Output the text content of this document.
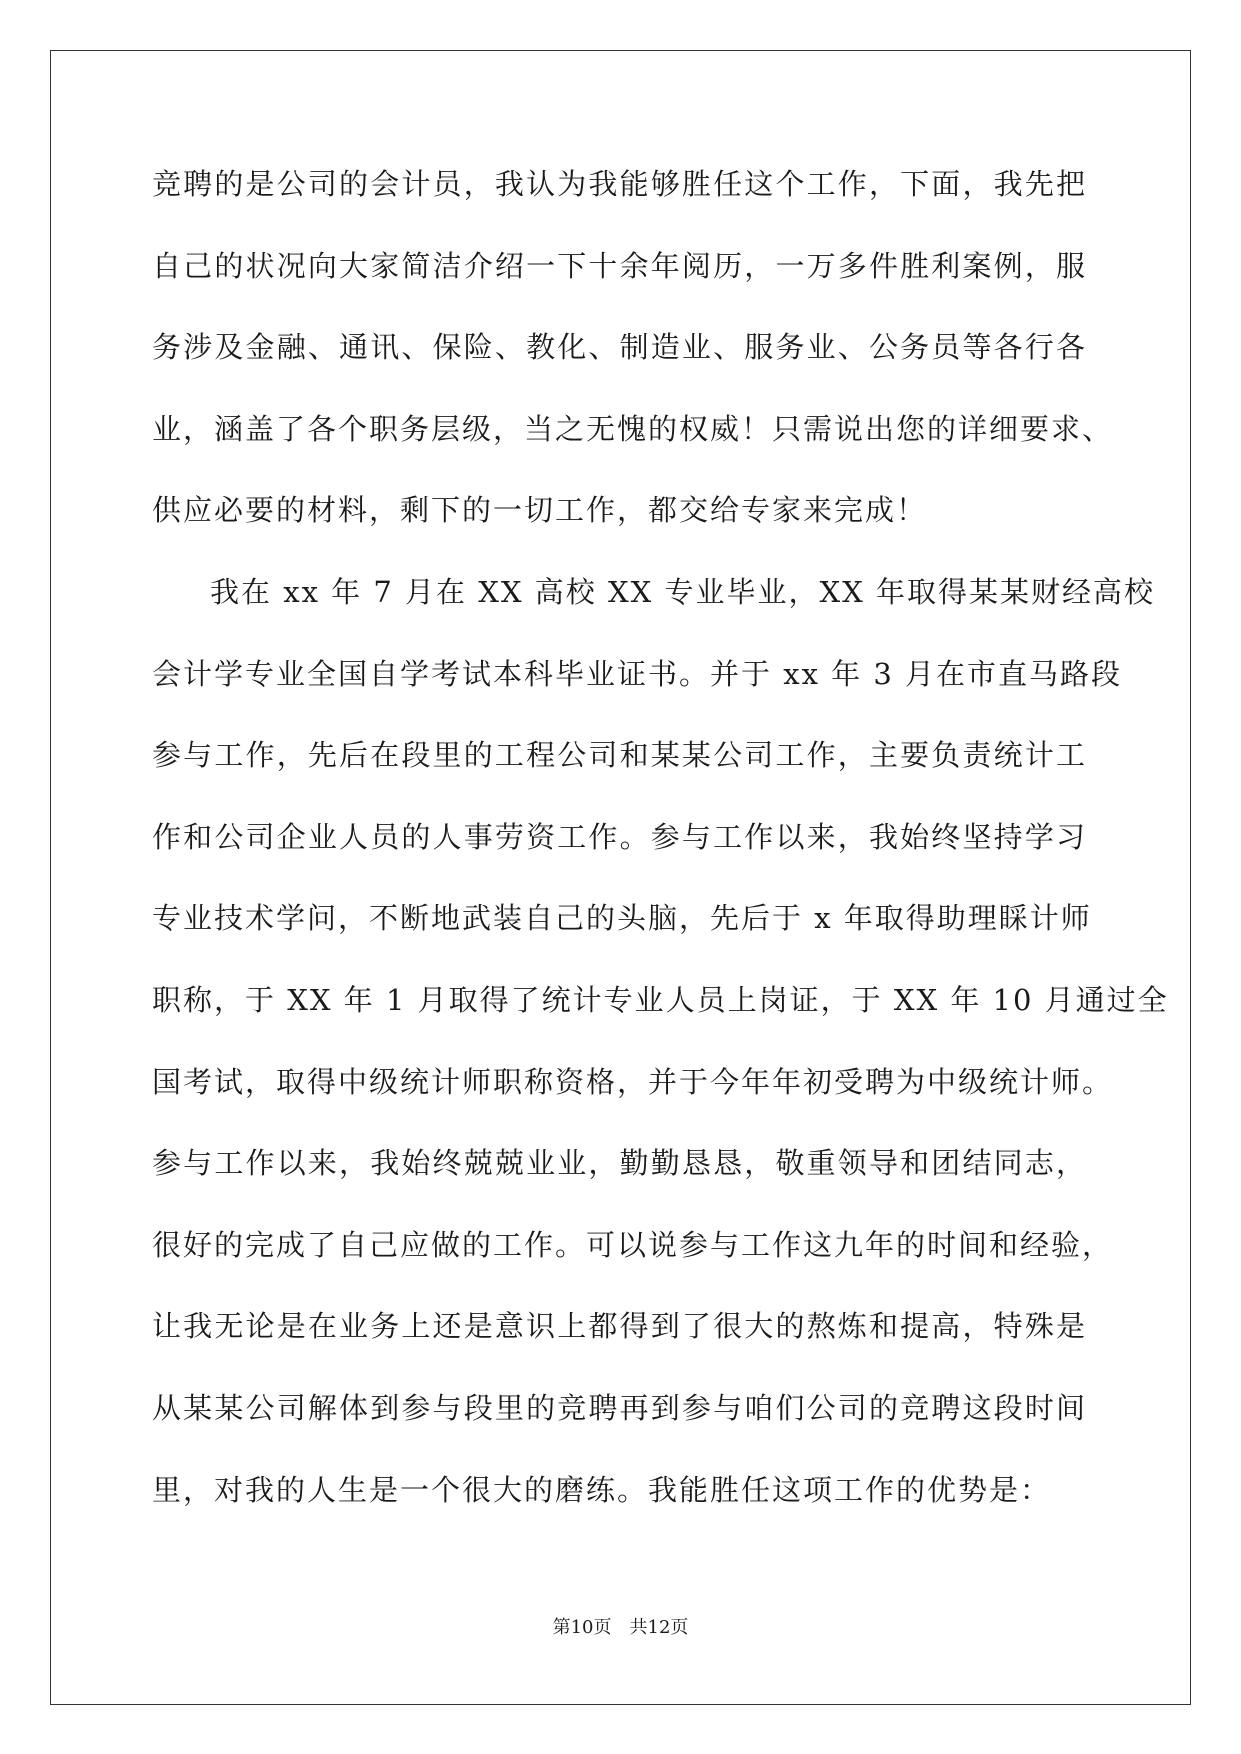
竞聘的是公司的会计员，我认为我能够胜任这个工作，下面，我先把
自己的状况向大家简洁介绍一下十余年阅历，一万多件胜利案例，服
务涉及金融、通讯、保险、教化、制造业、服务业、公务员等各行各
业，涵盖了各个职务层级，当之无愧的权威！只需说出您的详细要求、
供应必要的材料，剩下的一切工作，都交给专家来完成！
我在 xx 年 7 月在 XX 高校 XX 专业毕业，XX 年取得某某财经高校
会计学专业全国自学考试本科毕业证书。并于 xx 年 3 月在市直马路段
参与工作，先后在段里的工程公司和某某公司工作，主要负责统计工
作和公司企业人员的人事劳资工作。参与工作以来，我始终坚持学习
专业技术学问，不断地武装自己的头脑，先后于 x 年取得助理睬计师
职称，于 XX 年 1 月取得了统计专业人员上岗证，于 XX 年 10 月通过全
国考试，取得中级统计师职称资格，并于今年年初受聘为中级统计师。
参与工作以来，我始终兢兢业业，勤勤恳恳，敬重领导和团结同志，
很好的完成了自己应做的工作。可以说参与工作这九年的时间和经验，
让我无论是在业务上还是意识上都得到了很大的熬炼和提高，特殊是
从某某公司解体到参与段里的竞聘再到参与咱们公司的竞聘这段时间
里，对我的人生是一个很大的磨练。我能胜任这项工作的优势是：
第10页　共12页
